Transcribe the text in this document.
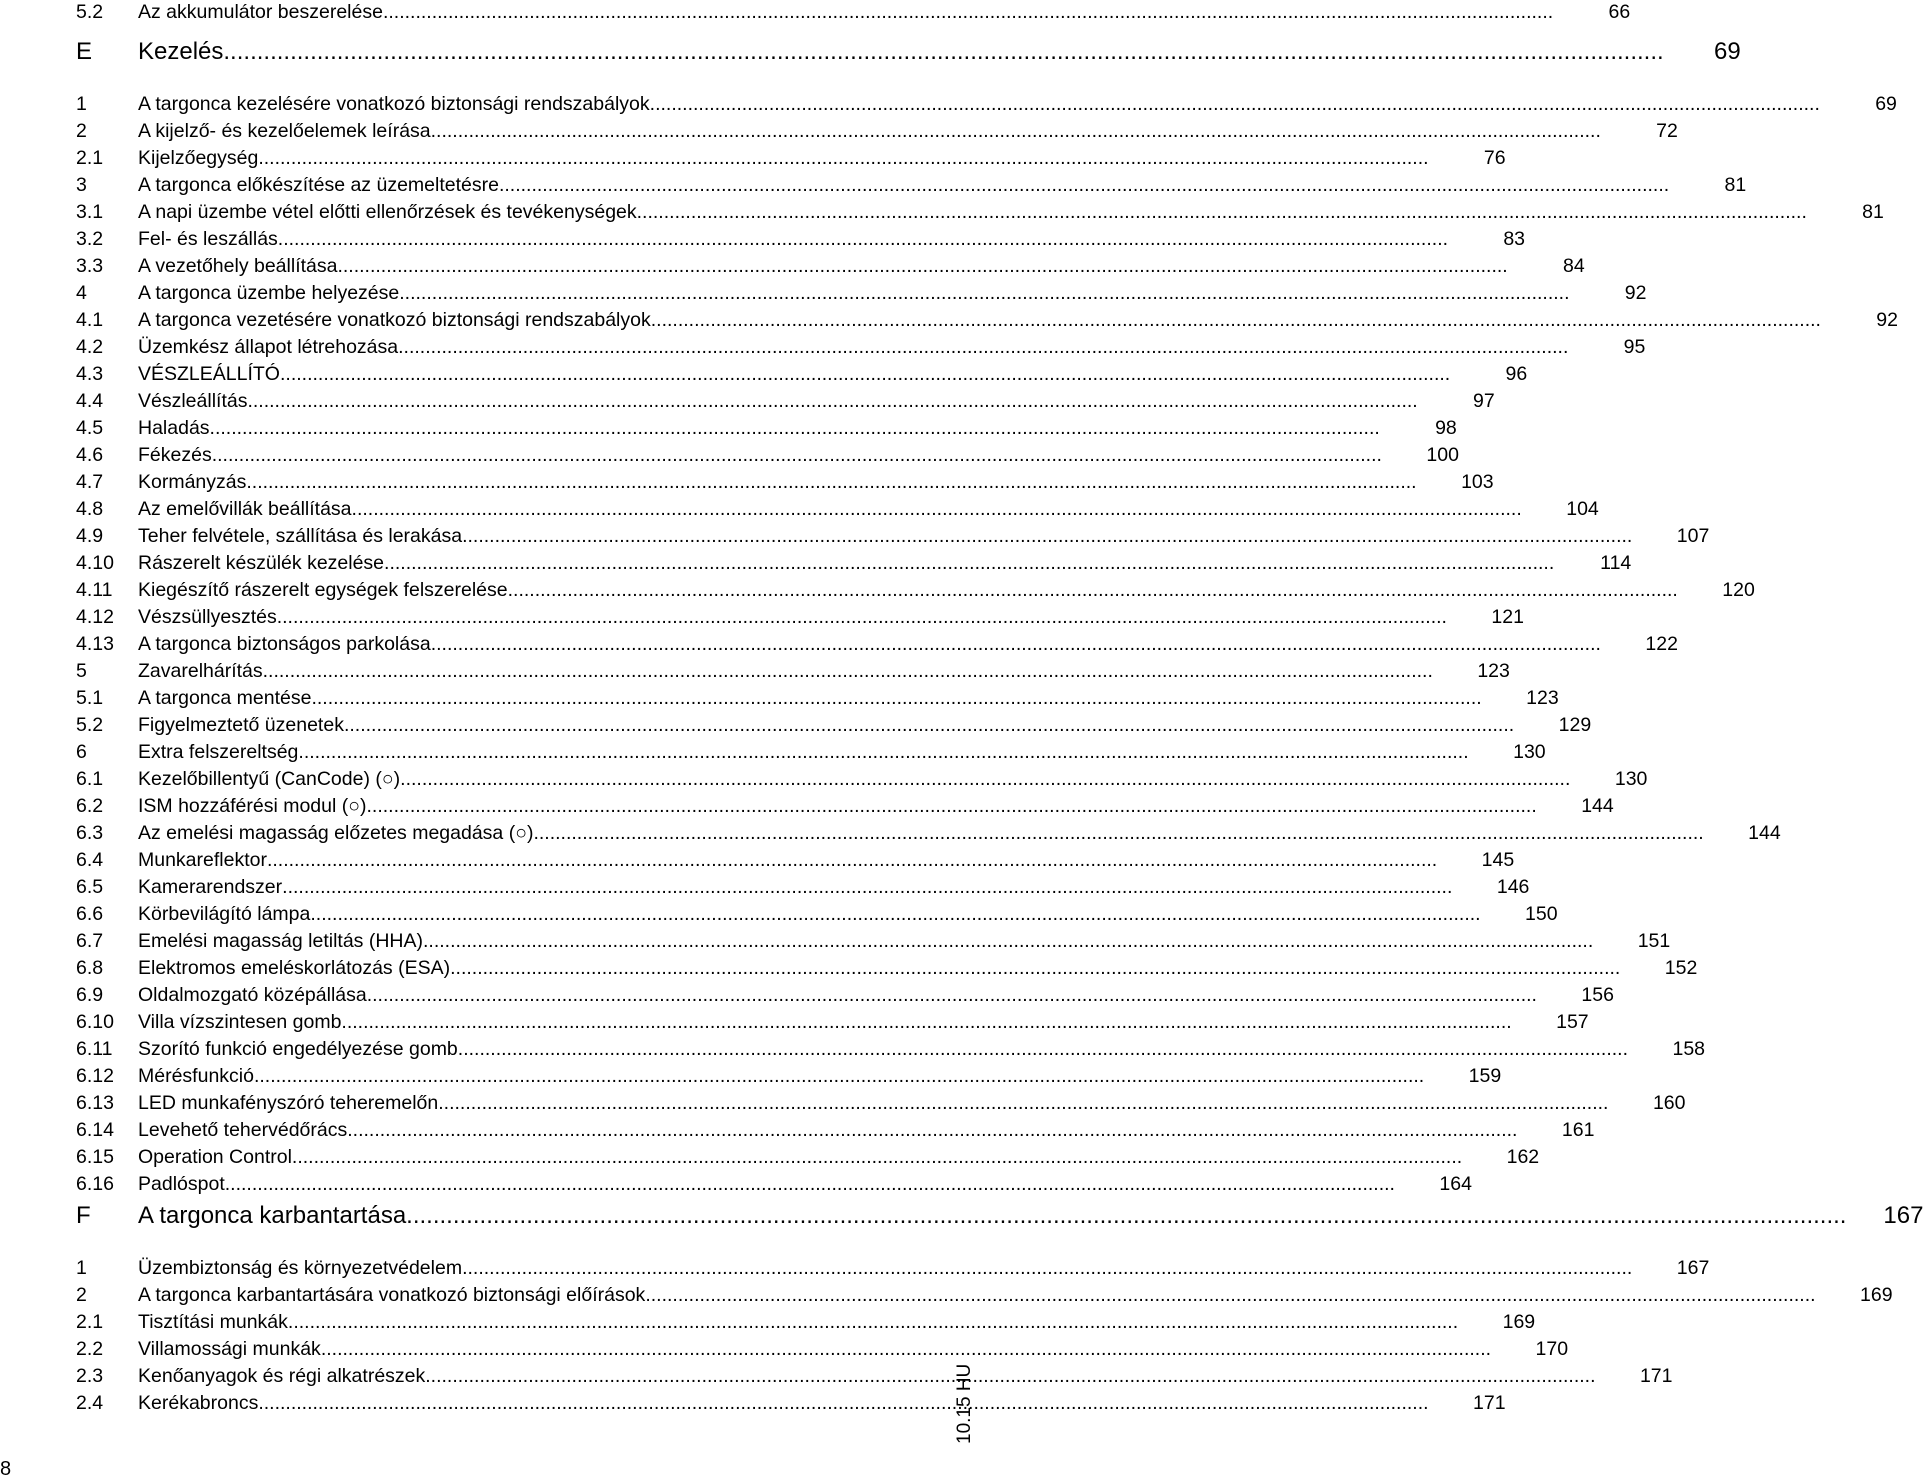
5.2	Az akkumulátor beszerelése .....	66
E	Kezelés .....	69
1	A targonca kezelésére vonatkozó biztonsági rendszabályok .....	69
2	A kijelző- és kezelőelemek leírása .....	72
2.1	Kijelzőegység .....	76
3	A targonca előkészítése az üzemeltetésre .....	81
3.1	A napi üzembe vétel előtti ellenőrzések és tevékenységek .....	81
3.2	Fel- és leszállás .....	83
3.3	A vezetőhely beállítása .....	84
4	A targonca üzembe helyezése .....	92
4.1	A targonca vezetésére vonatkozó biztonsági rendszabályok .....	92
4.2	Üzemkész állapot létrehozása .....	95
4.3	VÉSZLEÁLLÍTÓ .....	96
4.4	Vészleállítás .....	97
4.5	Haladás .....	98
4.6	Fékezés .....	100
4.7	Kormányzás .....	103
4.8	Az emelővillák beállítása .....	104
4.9	Teher felvétele, szállítása és lerakása .....	107
4.10	Rászerelt készülék kezelése .....	114
4.11	Kiegészítő rászerelt egységek felszerelése .....	120
4.12	Vészsüllyesztés .....	121
4.13	A targonca biztonságos parkolása .....	122
5	Zavarelhárítás .....	123
5.1	A targonca mentése .....	123
5.2	Figyelmeztető üzenetek .....	129
6	Extra felszereltség .....	130
6.1	Kezelőbillentyű (CanCode) (○) .....	130
6.2	ISM hozzáférési modul (○) .....	144
6.3	Az emelési magasság előzetes megadása (○) .....	144
6.4	Munkareflektor .....	145
6.5	Kamerarendszer .....	146
6.6	Körbevilágító lámpa .....	150
6.7	Emelési magasság letiltás (HHA) .....	151
6.8	Elektromos emeléskorlátozás (ESA) .....	152
6.9	Oldalmozgató középállása .....	156
6.10	Villa vízszintesen gomb .....	157
6.11	Szorító funkció engedélyezése gomb .....	158
6.12	Mérésfunkció .....	159
6.13	LED munkafényszóró teheremelőn .....	160
6.14	Levehető tehervédőrács .....	161
6.15	Operation Control .....	162
6.16	Padlóspot .....	164
F	A targonca karbantartása .....	167
1	Üzembiztonság és környezetvédelem .....	167
2	A targonca karbantartására vonatkozó biztonsági előírások .....	169
2.1	Tisztítási munkák .....	169
2.2	Villamossági munkák .....	170
2.3	Kenőanyagok és régi alkatrészek .....	171
2.4	Kerékabroncs .....	171
10.15 HU
8
